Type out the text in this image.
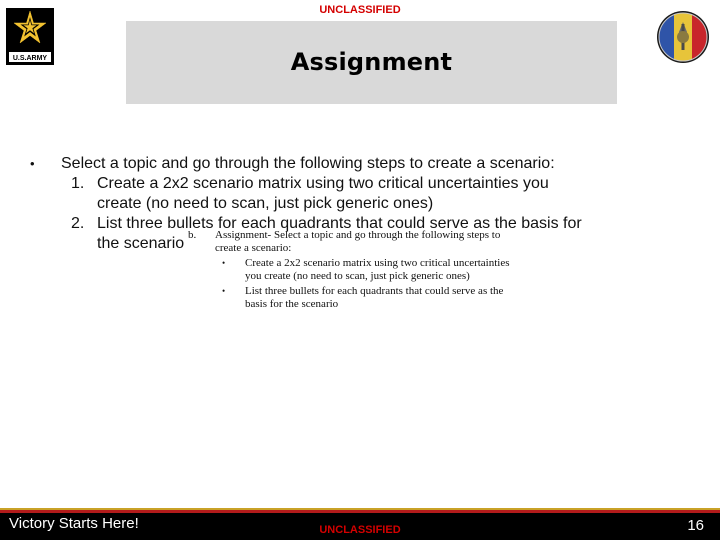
UNCLASSIFIED
U.S.ARMY	Assignment
•	Select a topic and go through the following steps to create a scenario:
1. Create a 2x2 scenario matrix using two critical uncertainties you
create (no need to scan, just pick generic ones)
2. List three bullets for each quadrants that could serve as the basis for
the scenario b. Assignment- Select a topic and go through the following steps to
create a scenario:
• Create a 2x2 scenario matrix using two critical uncertainties you create (no need to scan, just pick generic ones)
• List three bullets for each quadrants that could serve as the basis for the scenario
Victory Starts Here!	UNCLASSIFIED	16
